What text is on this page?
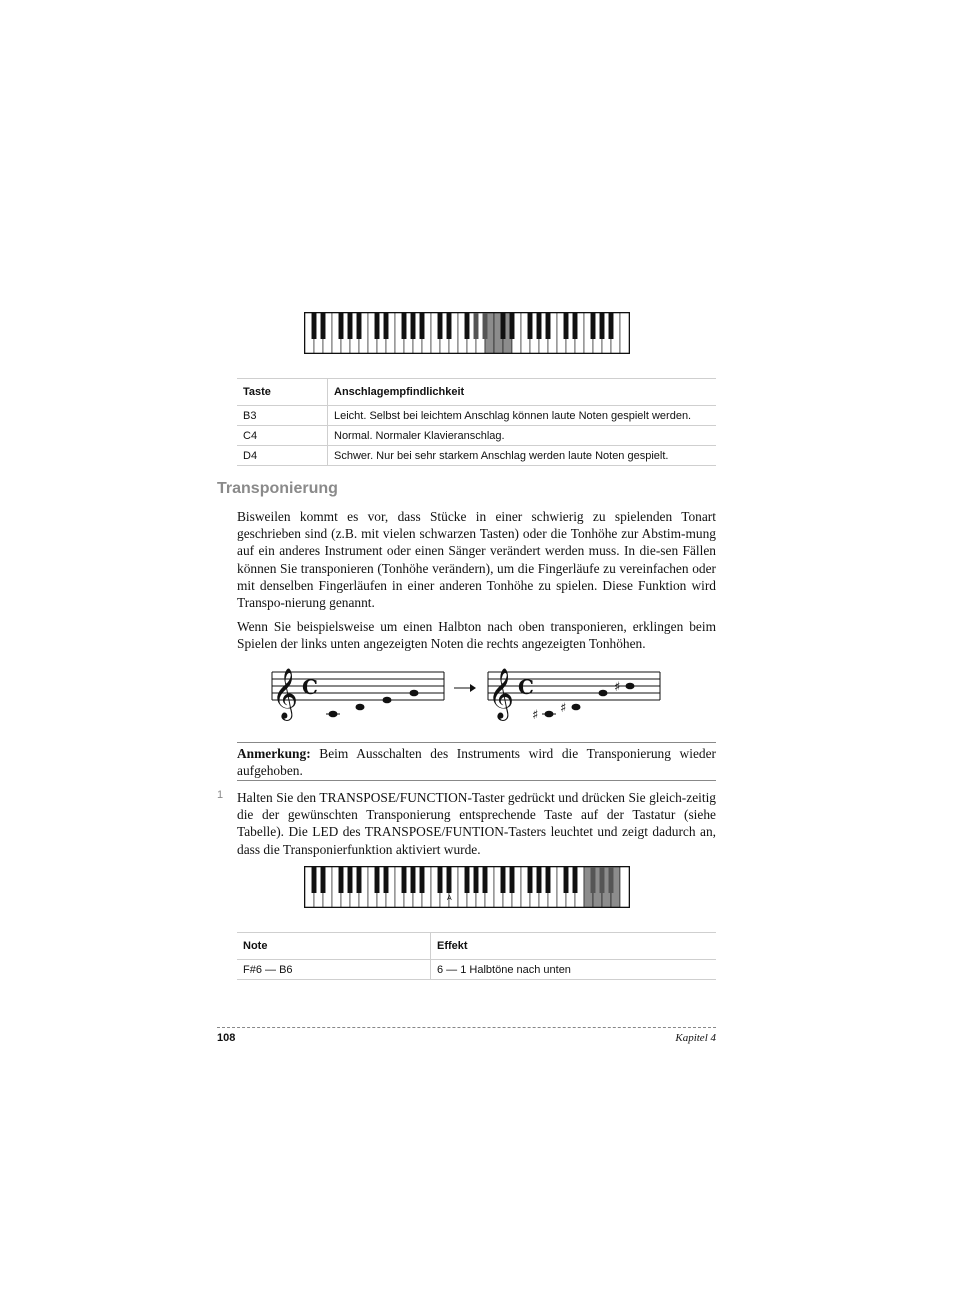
Taste	Anschlagempfindlichkeit
B3	Leicht. Selbst bei leichtem Anschlag können laute Noten gespielt werden.
C4	Normal. Normaler Klavieranschlag.
D4	Schwer. Nur bei sehr starkem Anschlag werden laute Noten gespielt.
Transponierung

Bisweilen kommt es vor, dass Stücke in einer schwierig zu spielenden Tonart geschrieben sind (z.B. mit vielen schwarzen Tasten) oder die Tonhöhe zur Abstim-mung auf ein anderes Instrument oder einen Sänger verändert werden muss. In die-sen Fällen können Sie transponieren (Tonhöhe verändern), um die Fingerläufe zu vereinfachen oder mit denselben Fingerläufen in einer anderen Tonhöhe zu spielen. Diese Funktion wird Transpo-nierung genannt.

Wenn Sie beispielsweise um einen Halbton nach oben transponieren, erklingen beim Spielen der links unten angezeigten Noten die rechts angezeigten Tonhöhen.

𝄞 C	𝄞 C
♯ ♯
♯
Anmerkung: Beim Ausschalten des Instruments wird die Transponierung wieder aufgehoben.
1 Halten Sie den TRANSPOSE/FUNCTION-Taster gedrückt und drücken Sie gleich-zeitig die der gewünschten Transponierung entsprechende Taste auf der Tastatur (siehe Tabelle). Die LED des TRANSPOSE/FUNTION-Tasters leuchtet und zeigt dadurch an, dass die Transponierfunktion aktiviert wurde.

A
Note	Effekt
F#6 — B6	6 — 1 Halbtöne nach unten
108	Kapitel 4
